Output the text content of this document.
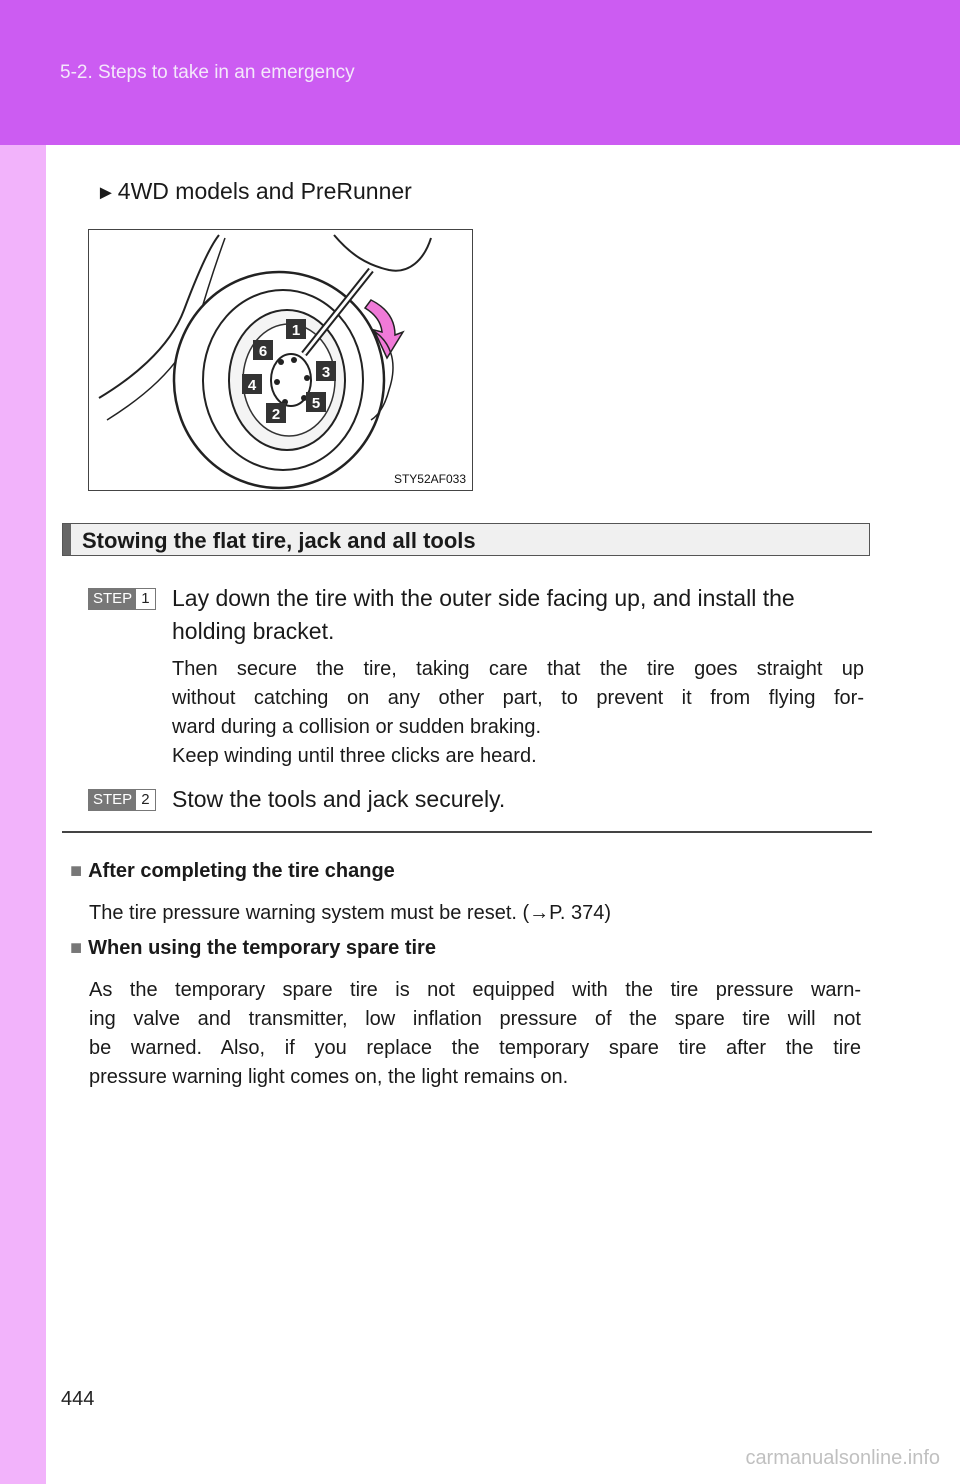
5-2. Steps to take in an emergency
►4WD models and PreRunner
1
2
3
4
5
6
STY52AF033
Stowing the flat tire, jack and all tools
STEP 1 Lay down the tire with the outer side facing up, and install the
holding bracket.

Then secure the tire, taking care that the tire goes straight up

without catching on any other part, to prevent it from flying for-

ward during a collision or sudden braking.

Keep winding until three clicks are heard.

STEP 2 Stow the tools and jack securely.
■ After completing the tire change
The tire pressure warning system must be reset. (→P. 374)
■ When using the temporary spare tire
As the temporary spare tire is not equipped with the tire pressure warn-
ing valve and transmitter, low inflation pressure of the spare tire will not
be warned. Also, if you replace the temporary spare tire after the tire
pressure warning light comes on, the light remains on.
444
carmanualsonline.info
